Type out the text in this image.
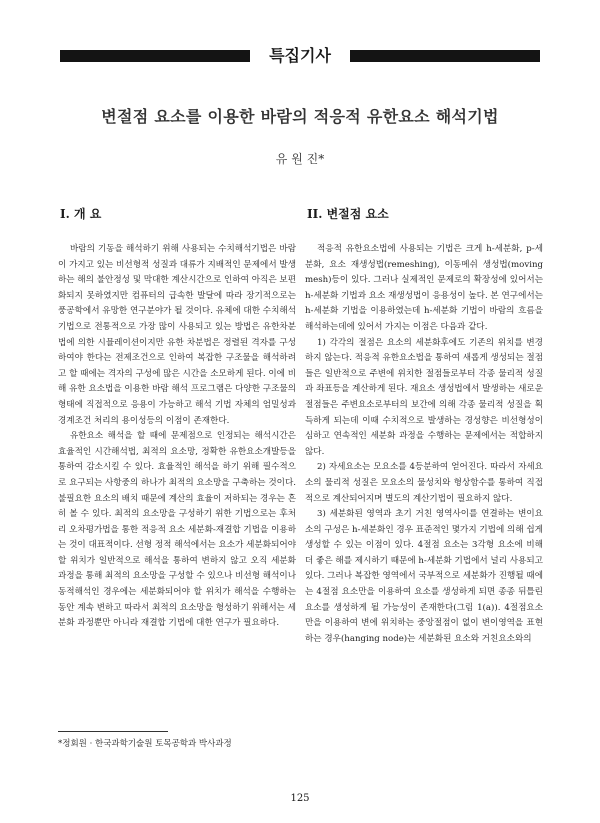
특집기사
변절점 요소를 이용한 바람의 적응적 유한요소 해석기법
유 원 진*
I. 개 요

바람의 기동을 해석하기 위해 사용되는 수치해석기법은 바람이 가지고 있는 비선형적 성질과 대류가 지배적인 문제에서 발생하는 해의 불안정성 및 막대한 계산시간으로 인하여 아직은 보편화되지 못하였지만 컴퓨터의 급속한 발달에 따라 장기적으로는 풍공학에서 유망한 연구분야가 될 것이다. 유체에 대한 수치해석 기법으로 전통적으로 가장 많이 사용되고 있는 방법은 유한차분법에 의한 시뮬레이션이지만 유한 차분법은 정렬된 격자를 구성하여야 한다는 전제조건으로 인하여 복잡한 구조물을 해석하려고 할 때에는 격자의 구성에 많은 시간을 소모하게 된다. 이에 비해 유한 요소법을 이용한 바람 해석 프로그램은 다양한 구조물의 형태에 직접적으로 응용이 가능하고 해석 기법 자체의 엄밀성과 경계조건 처리의 용이성등의 이점이 존재한다.

유한요소 해석을 할 때에 문제점으로 인정되는 해석시간은 효율적인 시간해석법, 최적의 요소망, 정확한 유한요소개발등을 통하여 감소시킬 수 있다. 효율적인 해석을 하기 위해 필수적으로 요구되는 사항중의 하나가 최적의 요소망을 구축하는 것이다. 불필요한 요소의 배치 때문에 계산의 효율이 저하되는 경우는 흔히 볼 수 있다. 최적의 요소망을 구성하기 위한 기법으로는 후처리 오차평가법을 통한 적응적 요소 세분화-재결합 기법을 이용하는 것이 대표적이다. 선형 정적 해석에서는 요소가 세분화되어야 할 위치가 일반적으로 해석을 통하여 변하지 않고 오직 세분화 과정을 통해 최적의 요소망을 구성할 수 있으나 비선형 해석이나 동적해석인 경우에는 세분화되어야 할 위치가 해석을 수행하는 동안 계속 변하고 따라서 최적의 요소망을 형성하기 위해서는 세분화 과정뿐만 아니라 재결합 기법에 대한 연구가 필요하다.

II. 변절점 요소

적응적 유한요소법에 사용되는 기법은 크게 h-세분화, p-세분화, 요소 재생성법(remeshing), 이동메쉬 생성법(moving mesh)등이 있다. 그러나 실제적인 문제로의 확장성에 있어서는 h-세분화 기법과 요소 재생성법이 응용성이 높다. 본 연구에서는 h-세분화 기법을 이용하였는데 h-세분화 기법이 바람의 흐름을 해석하는데에 있어서 가지는 이점은 다음과 같다.

1) 각각의 절점은 요소의 세분화후에도 기존의 위치를 변경하지 않는다. 적응적 유한요소법을 통하여 새롭게 생성되는 절점들은 일반적으로 주변에 위치한 절점들로부터 각종 물리적 성질과 좌표등을 계산하게 된다. 재요소 생성법에서 발생하는 새로운 절점들은 주변요소로부터의 보간에 의해 각종 물리적 성질을 획득하게 되는데 이때 수치적으로 발생하는 경성향은 비선형성이 심하고 연속적인 세분화 과정을 수행하는 문제에서는 적합하지 않다.

2) 자세요소는 모요소를 4등분하여 얻어진다. 따라서 자세요소의 물리적 성질은 모요소의 물성치와 형상함수를 통하여 직접적으로 계산되어지며 별도의 계산기법이 필요하지 않다.

3) 세분화된 영역과 초기 거친 영역사이를 연결하는 변이요소의 구성은 h-세분화인 경우 표준적인 몇가지 기법에 의해 쉽게 생성할 수 있는 이점이 있다. 4절점 요소는 3각형 요소에 비해 더 좋은 해를 제시하기 때문에 h-세분화 기법에서 널리 사용되고 있다. 그러나 복잡한 영역에서 국부적으로 세분화가 진행될 때에는 4절점 요소만을 이용하여 요소를 생성하게 되면 종종 뒤틀린 요소를 생성하게 될 가능성이 존재한다(그림 1(a)). 4절점요소만을 이용하여 변에 위치하는 중앙절점이 없이 변이영역을 표현하는 경우(hanging node)는 세분화된 요소와 거친요소와의

*정회원 · 한국과학기술원 토목공학과 박사과정
125
